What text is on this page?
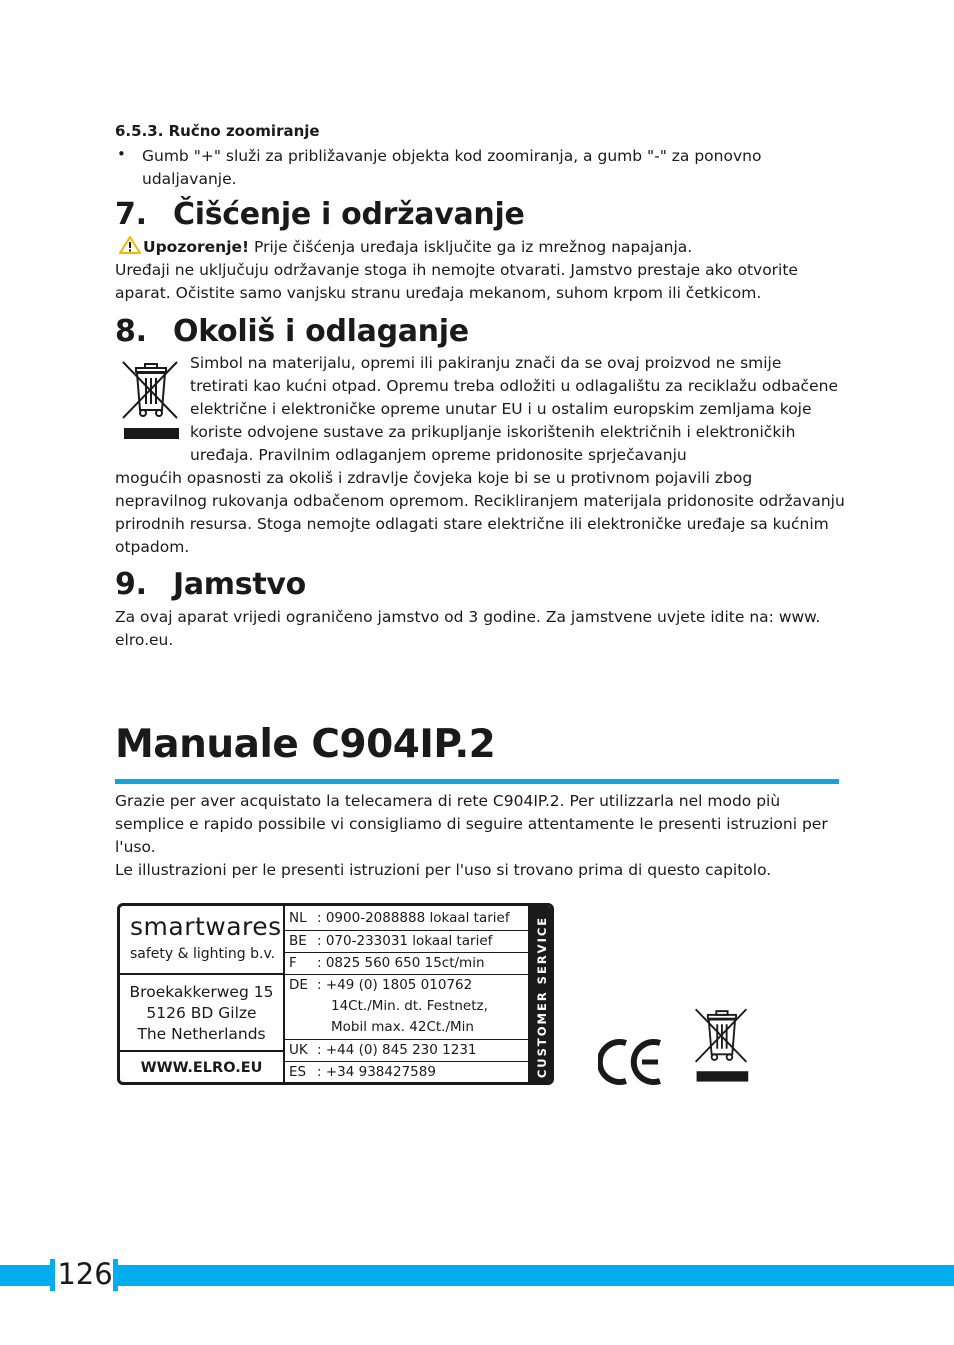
6.5.3. Ručno zoomiranje
• Gumb "+" služi za približavanje objekta kod zoomiranja, a gumb "-" za ponovno udaljavanje.
7. Čišćenje i održavanje
Upozorenje! Prije čišćenja uređaja isključite ga iz mrežnog napajanja.
Uređaji ne uključuju održavanje stoga ih nemojte otvarati. Jamstvo prestaje ako otvorite aparat. Očistite samo vanjsku stranu uređaja mekanom, suhom krpom ili četkicom.
8. Okoliš i odlaganje
Simbol na materijalu, opremi ili pakiranju znači da se ovaj proizvod ne smije tretirati kao kućni otpad. Opremu treba odložiti u odlagalištu za reciklažu odbačene električne i elektroničke opreme unutar EU i u ostalim europskim zemljama koje koriste odvojene sustave za prikupljanje iskorištenih električnih i elektroničkih uređaja. Pravilnim odlaganjem opreme pridonosite sprječavanju
mogućih opasnosti za okoliš i zdravlje čovjeka koje bi se u protivnom pojavili zbog nepravilnog rukovanja odbačenom opremom. Recikliranjem materijala pridonosite održavanju prirodnih resursa. Stoga nemojte odlagati stare električne ili elektroničke uređaje sa kućnim otpadom.
9. Jamstvo
Za ovaj aparat vrijedi ograničeno jamstvo od 3 godine. Za jamstvene uvjete idite na: www. elro.eu.
Manuale C904IP.2
Grazie per aver acquistato la telecamera di rete C904IP.2. Per utilizzarla nel modo più semplice e rapido possibile vi consigliamo di seguire attentamente le presenti istruzioni per l'uso.
Le illustrazioni per le presenti istruzioni per l'uso si trovano prima di questo capitolo.
smartwares
safety & lighting b.v.
Broekakkerweg 15
5126 BD Gilze
The Netherlands
WWW.ELRO.EU
NL : 0900-2088888 lokaal tarief
BE : 070-233031 lokaal tarief
F : 0825 560 650 15ct/min
DE : +49 (0) 1805 010762
14Ct./Min. dt. Festnetz,
Mobil max. 42Ct./Min
UK : +44 (0) 845 230 1231
ES : +34 938427589	CUSTOMER SERVICE
126
